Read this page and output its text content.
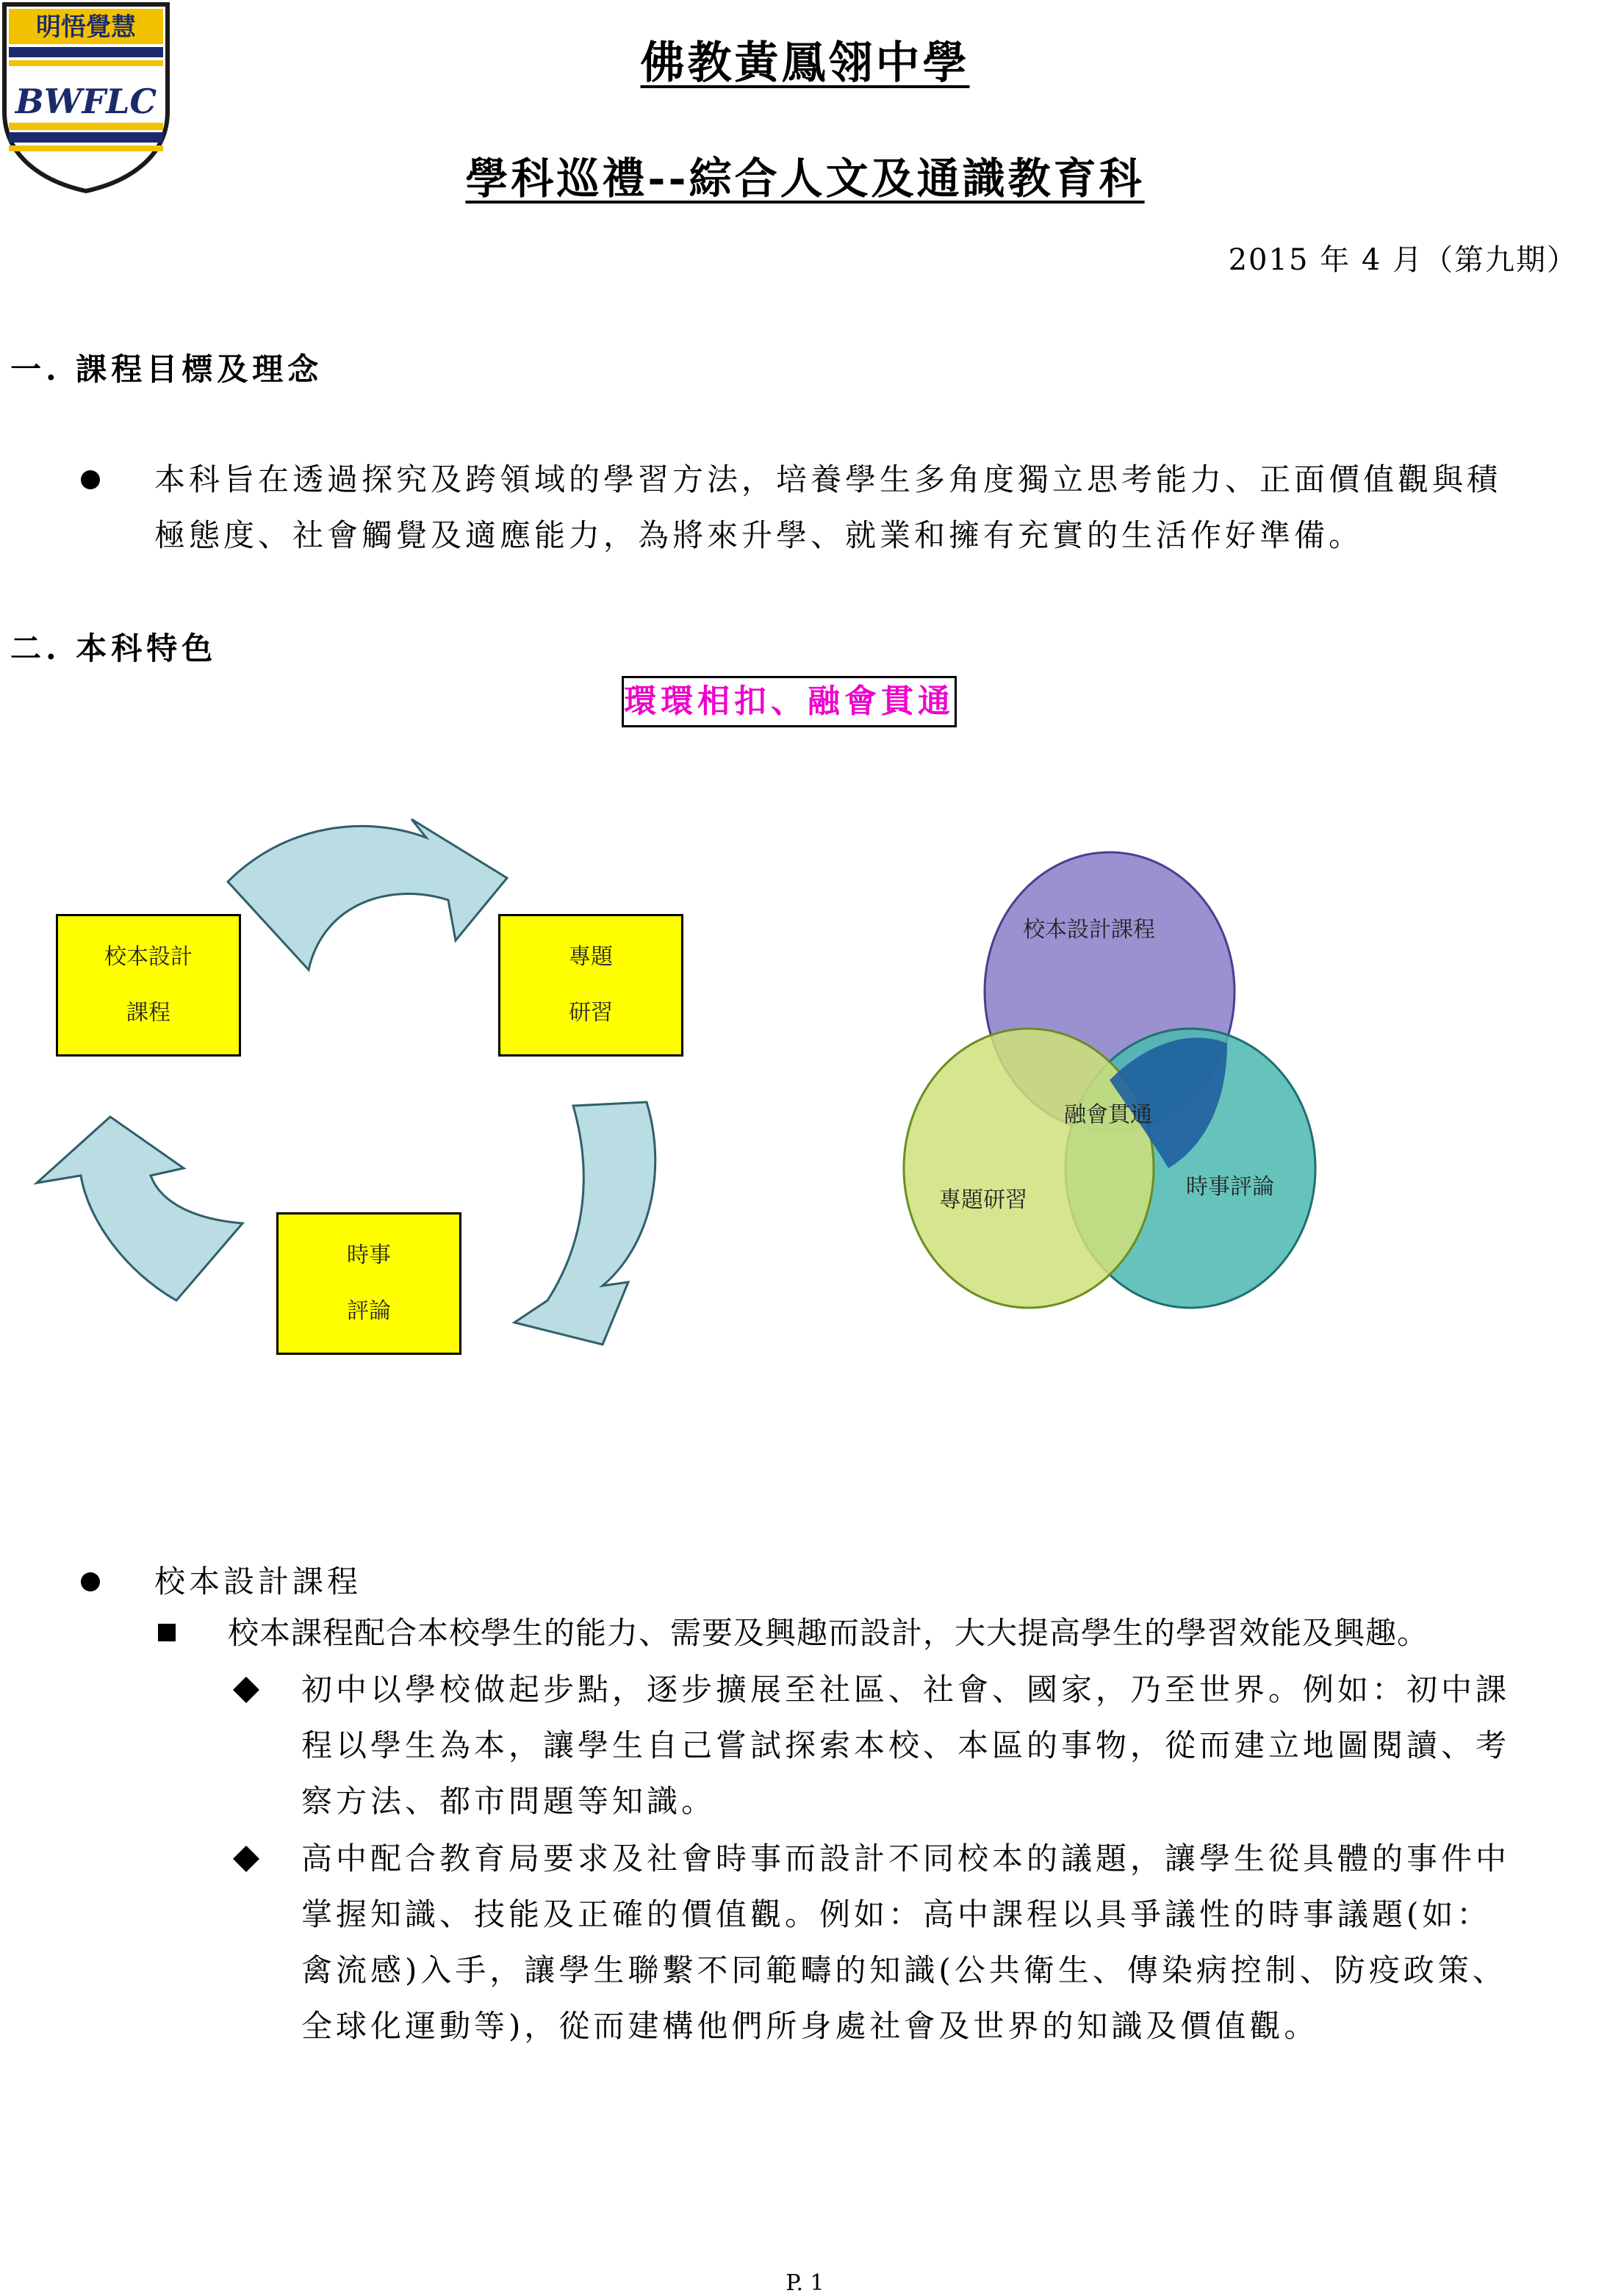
明悟覺慧
BWFLC
佛教黃鳳翎中學
學科巡禮--綜合人文及通識教育科
2015 年 4 月（第九期）
一. 課程目標及理念
本科旨在透過探究及跨領域的學習方法，培養學生多角度獨立思考能力、正面價值觀與積
極態度、社會觸覺及適應能力，為將來升學、就業和擁有充實的生活作好準備。
二. 本科特色
環環相扣、融會貫通
校本設計
課程
專題
研習
時事
評論
校本設計課程
融會貫通
專題研習
時事評論
校本設計課程
校本課程配合本校學生的能力、需要及興趣而設計，大大提高學生的學習效能及興趣。
初中以學校做起步點，逐步擴展至社區、社會、國家，乃至世界。例如：初中課
程以學生為本，讓學生自己嘗試探索本校、本區的事物，從而建立地圖閱讀、考
察方法、都市問題等知識。
高中配合教育局要求及社會時事而設計不同校本的議題，讓學生從具體的事件中
掌握知識、技能及正確的價值觀。例如：高中課程以具爭議性的時事議題(如：
禽流感)入手，讓學生聯繫不同範疇的知識(公共衛生、傳染病控制、防疫政策、
全球化運動等)，從而建構他們所身處社會及世界的知識及價值觀。
P. 1
